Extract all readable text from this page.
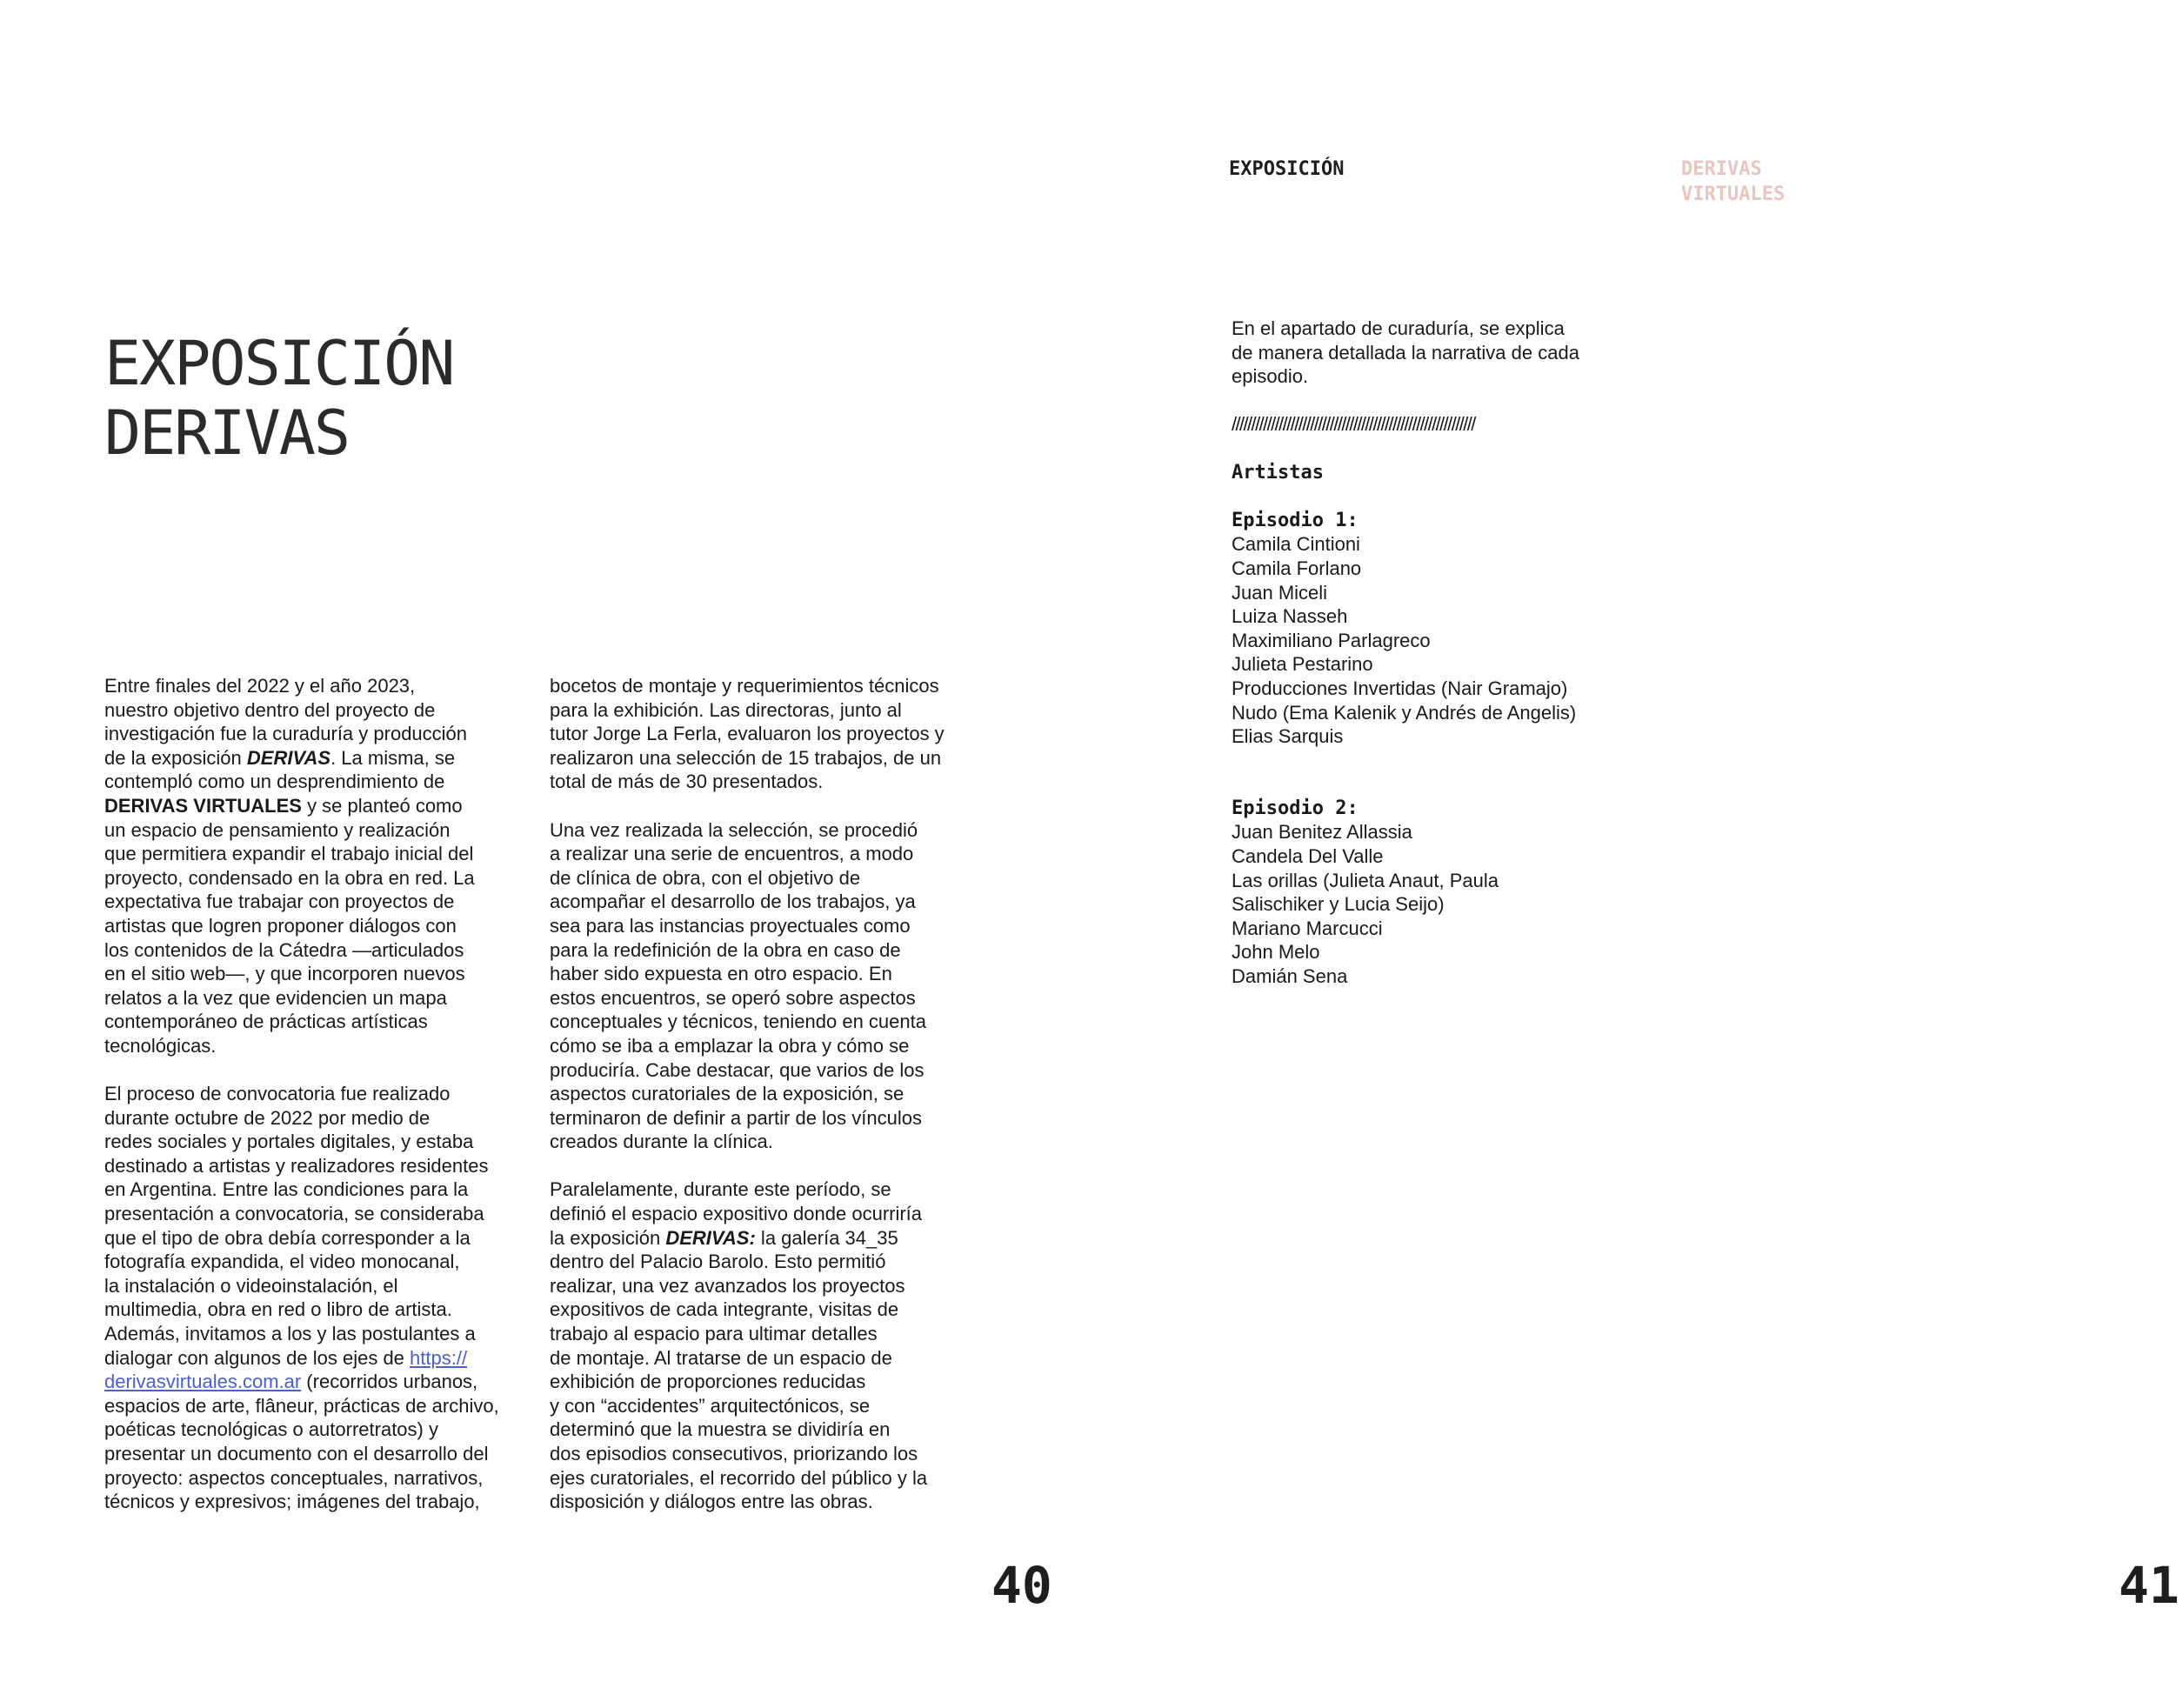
EXPOSICIÓN
DERIVAS

Entre finales del 2022 y el año 2023,
nuestro objetivo dentro del proyecto de
investigación fue la curaduría y producción
de la exposición DERIVAS. La misma, se
contempló como un desprendimiento de
DERIVAS VIRTUALES y se planteó como
un espacio de pensamiento y realización
que permitiera expandir el trabajo inicial del
proyecto, condensado en la obra en red. La
expectativa fue trabajar con proyectos de
artistas que logren proponer diálogos con
los contenidos de la Cátedra —articulados
en el sitio web—, y que incorporen nuevos
relatos a la vez que evidencien un mapa
contemporáneo de prácticas artísticas
tecnológicas.

El proceso de convocatoria fue realizado
durante octubre de 2022 por medio de
redes sociales y portales digitales, y estaba
destinado a artistas y realizadores residentes
en Argentina. Entre las condiciones para la
presentación a convocatoria, se consideraba
que el tipo de obra debía corresponder a la
fotografía expandida, el video monocanal,
la instalación o videoinstalación, el
multimedia, obra en red o libro de artista.
Además, invitamos a los y las postulantes a
dialogar con algunos de los ejes de https://
derivasvirtuales.com.ar (recorridos urbanos,
espacios de arte, flâneur, prácticas de archivo,
poéticas tecnológicas o autorretratos) y
presentar un documento con el desarrollo del
proyecto: aspectos conceptuales, narrativos,
técnicos y expresivos; imágenes del trabajo,

bocetos de montaje y requerimientos técnicos
para la exhibición. Las directoras, junto al
tutor Jorge La Ferla, evaluaron los proyectos y
realizaron una selección de 15 trabajos, de un
total de más de 30 presentados.

Una vez realizada la selección, se procedió
a realizar una serie de encuentros, a modo
de clínica de obra, con el objetivo de
acompañar el desarrollo de los trabajos, ya
sea para las instancias proyectuales como
para la redefinición de la obra en caso de
haber sido expuesta en otro espacio. En
estos encuentros, se operó sobre aspectos
conceptuales y técnicos, teniendo en cuenta
cómo se iba a emplazar la obra y cómo se
produciría. Cabe destacar, que varios de los
aspectos curatoriales de la exposición, se
terminaron de definir a partir de los vínculos
creados durante la clínica.

Paralelamente, durante este período, se
definió el espacio expositivo donde ocurriría
la exposición DERIVAS: la galería 34_35
dentro del Palacio Barolo. Esto permitió
realizar, una vez avanzados los proyectos
expositivos de cada integrante, visitas de
trabajo al espacio para ultimar detalles
de montaje. Al tratarse de un espacio de
exhibición de proporciones reducidas
y con “accidentes” arquitectónicos, se
determinó que la muestra se dividiría en
dos episodios consecutivos, priorizando los
ejes curatoriales, el recorrido del público y la
disposición y diálogos entre las obras.

40
EXPOSICIÓN	DERIVAS
VIRTUALES
En el apartado de curaduría, se explica
de manera detallada la narrativa de cada
episodio.
//////////////////////////////////////////////////////////////
Artistas
Episodio 1:
Camila Cintioni
Camila Forlano
Juan Miceli
Luiza Nasseh
Maximiliano Parlagreco
Julieta Pestarino
Producciones Invertidas (Nair Gramajo)
Nudo (Ema Kalenik y Andrés de Angelis)
Elias Sarquis
Episodio 2:
Juan Benitez Allassia
Candela Del Valle
Las orillas (Julieta Anaut, Paula
Salischiker y Lucia Seijo)
Mariano Marcucci
John Melo
Damián Sena
41
